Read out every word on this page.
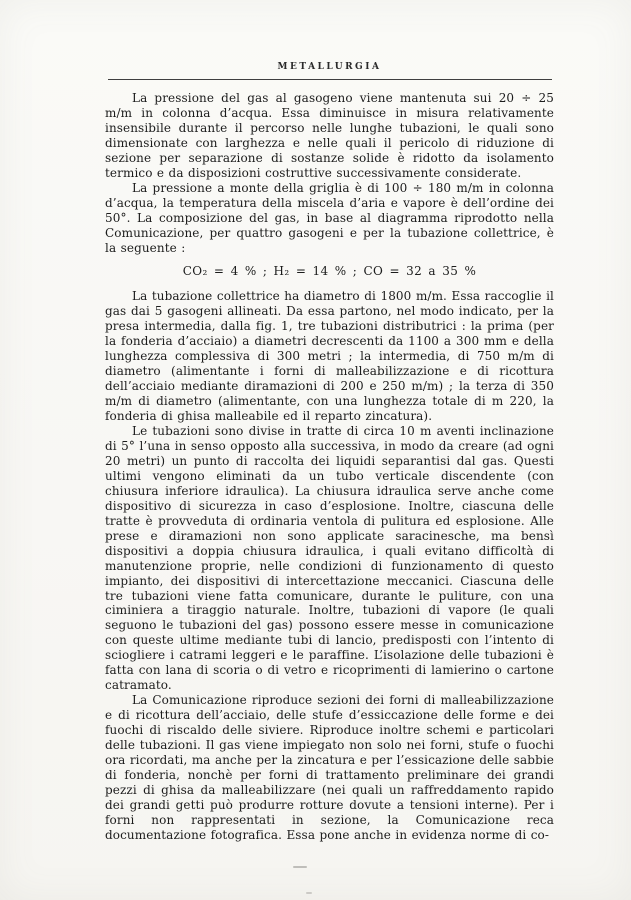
METALLURGIA

La pressione del gas al gasogeno viene mantenuta sui 20 ÷ 25 m/m in colonna d’acqua. Essa diminuisce in misura relativamente insensibile durante il percorso nelle lunghe tubazioni, le quali sono dimensionate con larghezza e nelle quali il pericolo di riduzione di sezione per separazione di sostanze solide è ridotto da isolamento termico e da disposizioni costruttive successivamente considerate.

La pressione a monte della griglia è di 100 ÷ 180 m/m in colonna d’acqua, la temperatura della miscela d’aria e vapore è dell’ordine dei 50°. La composizione del gas, in base al diagramma riprodotto nella Comunicazione, per quattro gasogeni e per la tubazione collettrice, è la seguente :

CO₂ = 4 % ; H₂ = 14 % ; CO = 32 a 35 %

La tubazione collettrice ha diametro di 1800 m/m. Essa raccoglie il gas dai 5 gasogeni allineati. Da essa partono, nel modo indicato, per la presa intermedia, dalla fig. 1, tre tubazioni distributrici : la prima (per la fonderia d’acciaio) a diametri decrescenti da 1100 a 300 mm e della lunghezza complessiva di 300 metri ; la intermedia, di 750 m/m di diametro (alimentante i forni di malleabilizzazione e di ricottura dell’acciaio mediante diramazioni di 200 e 250 m/m) ; la terza di 350 m/m di diametro (alimentante, con una lunghezza totale di m 220, la fonderia di ghisa malleabile ed il reparto zincatura).

Le tubazioni sono divise in tratte di circa 10 m aventi inclinazione di 5° l’una in senso opposto alla successiva, in modo da creare (ad ogni 20 metri) un punto di raccolta dei liquidi separantisi dal gas. Questi ultimi vengono eliminati da un tubo verticale discendente (con chiusura inferiore idraulica). La chiusura idraulica serve anche come dispositivo di sicurezza in caso d’esplosione. Inoltre, ciascuna delle tratte è provveduta di ordinaria ventola di pulitura ed esplosione. Alle prese e diramazioni non sono applicate saracinesche, ma bensì dispositivi a doppia chiusura idraulica, i quali evitano difficoltà di manutenzione proprie, nelle condizioni di funzionamento di questo impianto, dei dispositivi di intercettazione meccanici. Ciascuna delle tre tubazioni viene fatta comunicare, durante le puliture, con una ciminiera a tiraggio naturale. Inoltre, tubazioni di vapore (le quali seguono le tubazioni del gas) possono essere messe in comunicazione con queste ultime mediante tubi di lancio, predisposti con l’intento di sciogliere i catrami leggeri e le paraffine. L’isolazione delle tubazioni è fatta con lana di scoria o di vetro e ricoprimenti di lamierino o cartone catramato.

La Comunicazione riproduce sezioni dei forni di malleabilizzazione e di ricottura dell’acciaio, delle stufe d’essiccazione delle forme e dei fuochi di riscaldo delle siviere. Riproduce inoltre schemi e particolari delle tubazioni. Il gas viene impiegato non solo nei forni, stufe o fuochi ora ricordati, ma anche per la zincatura e per l’essicazione delle sabbie di fonderia, nonchè per forni di trattamento preliminare dei grandi pezzi di ghisa da malleabilizzare (nei quali un raffreddamento rapido dei grandi getti può produrre rotture dovute a tensioni interne). Per i forni non rappresentati in sezione, la Comunicazione reca documentazione fotografica. Essa pone anche in evidenza norme di co-
